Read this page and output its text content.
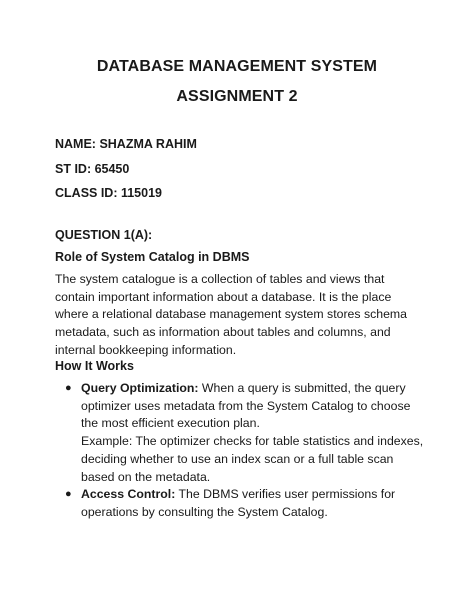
DATABASE MANAGEMENT SYSTEM
ASSIGNMENT 2
NAME: SHAZMA RAHIM
ST ID: 65450
CLASS ID: 115019
QUESTION 1(A):
Role of System Catalog in DBMS
The system catalogue is a collection of tables and views that contain important information about a database. It is the place where a relational database management system stores schema metadata, such as information about tables and columns, and internal bookkeeping information.
How It Works
● Query Optimization: When a query is submitted, the query optimizer uses metadata from the System Catalog to choose the most efficient execution plan.
Example: The optimizer checks for table statistics and indexes, deciding whether to use an index scan or a full table scan based on the metadata.
● Access Control: The DBMS verifies user permissions for operations by consulting the System Catalog.
